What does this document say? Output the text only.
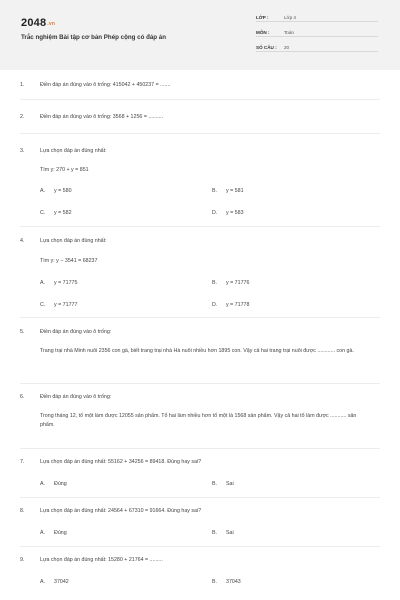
2048.vn
Trắc nghiệm Bài tập cơ bản Phép cộng có đáp án
LỚP :	Lớp 4
MÔN :	Toán
SỐ CÂU : 20
1.	Điền đáp án đúng vào ô trống: 415042 + 450237 = .......
2.	Điền đáp án đúng vào ô trống: 3568 + 1256 = ..........
3.	Lựa chọn đáp án đúng nhất:
Tìm y: 270 + y = 851
A. y = 580	B. y = 581
C. y = 582	D. y = 583
4.	Lựa chọn đáp án đúng nhất:
Tìm y: y − 3541 = 68237
A. y = 71775	B. y = 71776
C. y = 71777	D. y = 71778
5.	Điền đáp án đúng vào ô trống:
Trang trại nhà Minh nuôi 2356 con gà, biết trang trại nhà Hà nuôi nhiều hơn 1895 con. Vậy cả hai trang trại nuôi được ............ con gà.
6.	Điền đáp án đúng vào ô trống:
Trong tháng 12, tổ một làm được 12055 sản phẩm. Tổ hai làm nhiều hơn tổ một là 1568 sản phẩm. Vậy cả hai tổ làm được ........... sản phẩm.
7.	Lựa chọn đáp án đúng nhất: 55162 + 34256 = 89418. Đúng hay sai?
A. Đúng	B. Sai
8.	Lựa chọn đáp án đúng nhất: 24564 + 67310 = 91664. Đúng hay sai?
A. Đúng	B. Sai
9.	Lựa chọn đáp án đúng nhất: 15280 + 21764 = .........
A. 37042	B. 37043
